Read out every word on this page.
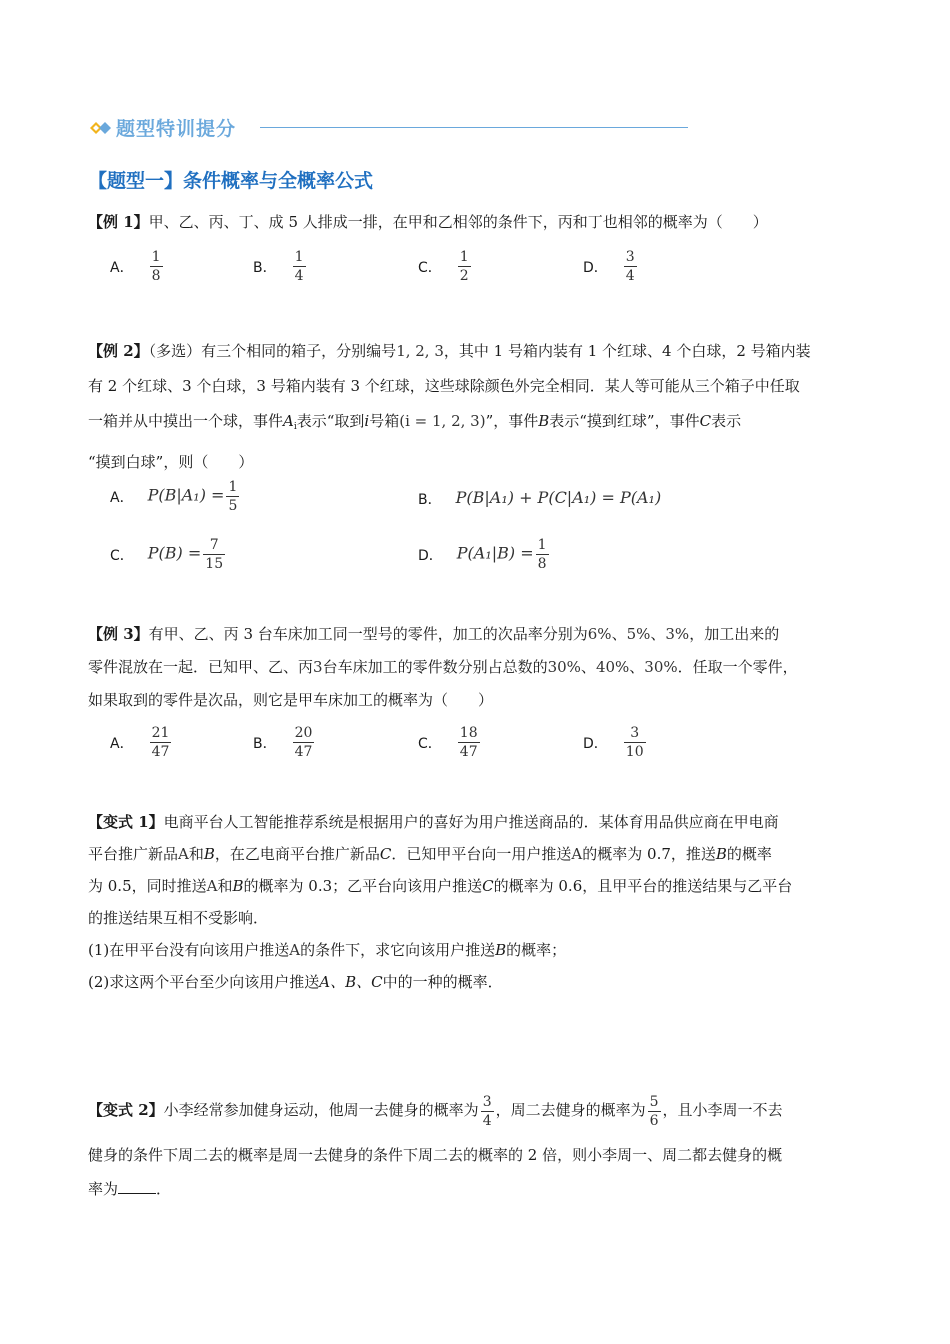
题型特训提分
【题型一】条件概率与全概率公式
【例 1】甲、乙、丙、丁、成 5 人排成一排，在甲和乙相邻的条件下，丙和丁也相邻的概率为（　　）
A． $\frac{1}{8}$	B． $\frac{1}{4}$	C． $\frac{1}{2}$	D． $\frac{3}{4}$
【例 2】（多选）有三个相同的箱子，分别编号1, 2, 3，其中 1 号箱内装有 1 个红球、4 个白球，2 号箱内装
有 2 个红球、3 个白球，3 号箱内装有 3 个红球，这些球除颜色外完全相同．某人等可能从三个箱子中任取
一箱并从中摸出一个球，事件$A_i$表示“取到i号箱(i = 1, 2, 3)”，事件B表示“摸到红球”，事件C表示
“摸到白球”，则（　　）
A． $P(B|A_1) = \frac{1}{5}$	B． P(B|A₁) + P(C|A₁) = P(A₁)
C． $P(B) = \frac{7}{15}$	D． $P(A_1|B) = \frac{1}{8}$
【例 3】有甲、乙、丙 3 台车床加工同一型号的零件，加工的次品率分别为6%、5%、3%，加工出来的
零件混放在一起．已知甲、乙、丙3台车床加工的零件数分别占总数的30%、40%、30%．任取一个零件，
如果取到的零件是次品，则它是甲车床加工的概率为（　　）
A． $\frac{21}{47}$	B． $\frac{20}{47}$	C． $\frac{18}{47}$	D． $\frac{3}{10}$
【变式 1】电商平台人工智能推荐系统是根据用户的喜好为用户推送商品的．某体育用品供应商在甲电商
平台推广新品A和B，在乙电商平台推广新品C．已知甲平台向一用户推送A的概率为 0.7，推送B的概率
为 0.5，同时推送A和B的概率为 0.3；乙平台向该用户推送C的概率为 0.6，且甲平台的推送结果与乙平台
的推送结果互相不受影响．
(1)在甲平台没有向该用户推送A的条件下，求它向该用户推送B的概率；
(2)求这两个平台至少向该用户推送A、B、C中的一种的概率．
【变式 2】小李经常参加健身运动，他周一去健身的概率为 $\frac{3}{4}$ ，周二去健身的概率为 $\frac{5}{6}$ ，且小李周一不去
健身的条件下周二去的概率是周一去健身的条件下周二去的概率的 2 倍，则小李周一、周二都去健身的概
率为	．
